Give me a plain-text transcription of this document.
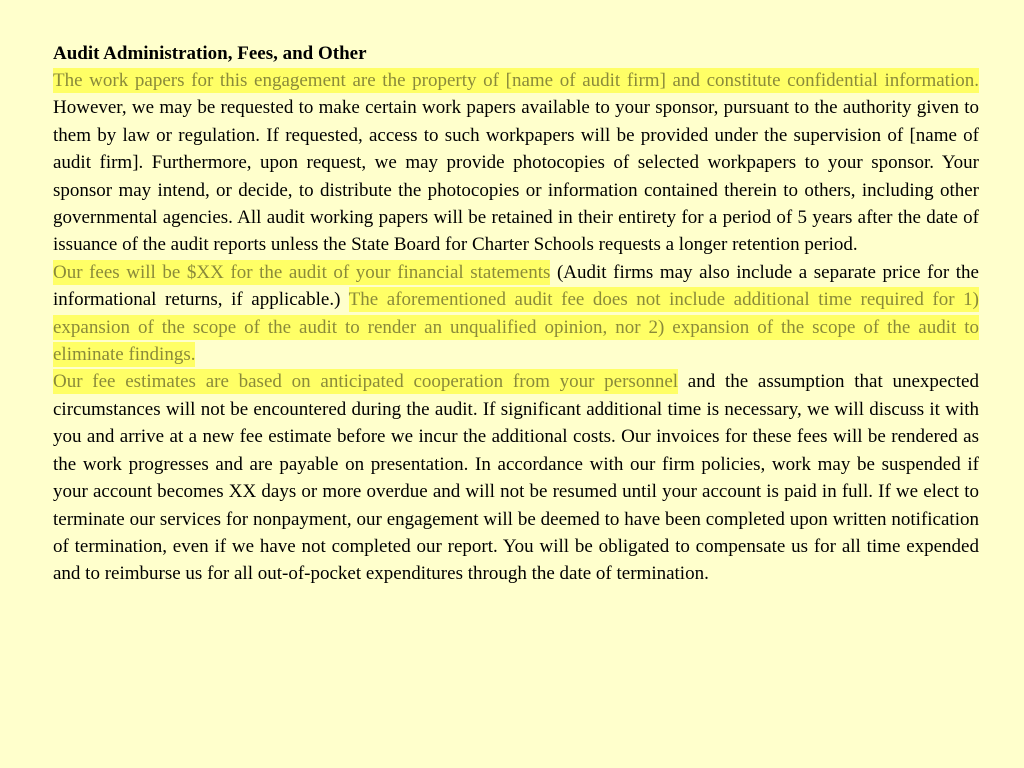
Audit Administration, Fees, and Other

The work papers for this engagement are the property of [name of audit firm] and constitute confidential information. However, we may be requested to make certain work papers available to your sponsor, pursuant to the authority given to them by law or regulation. If requested, access to such workpapers will be provided under the supervision of [name of audit firm]. Furthermore, upon request, we may provide photocopies of selected workpapers to your sponsor. Your sponsor may intend, or decide, to distribute the photocopies or information contained therein to others, including other governmental agencies. All audit working papers will be retained in their entirety for a period of 5 years after the date of issuance of the audit reports unless the State Board for Charter Schools requests a longer retention period.

Our fees will be $XX for the audit of your financial statements (Audit firms may also include a separate price for the informational returns, if applicable.) The aforementioned audit fee does not include additional time required for 1) expansion of the scope of the audit to render an unqualified opinion, nor 2) expansion of the scope of the audit to eliminate findings.

Our fee estimates are based on anticipated cooperation from your personnel and the assumption that unexpected circumstances will not be encountered during the audit. If significant additional time is necessary, we will discuss it with you and arrive at a new fee estimate before we incur the additional costs. Our invoices for these fees will be rendered as the work progresses and are payable on presentation. In accordance with our firm policies, work may be suspended if your account becomes XX days or more overdue and will not be resumed until your account is paid in full. If we elect to terminate our services for nonpayment, our engagement will be deemed to have been completed upon written notification of termination, even if we have not completed our report. You will be obligated to compensate us for all time expended and to reimburse us for all out-of-pocket expenditures through the date of termination.
